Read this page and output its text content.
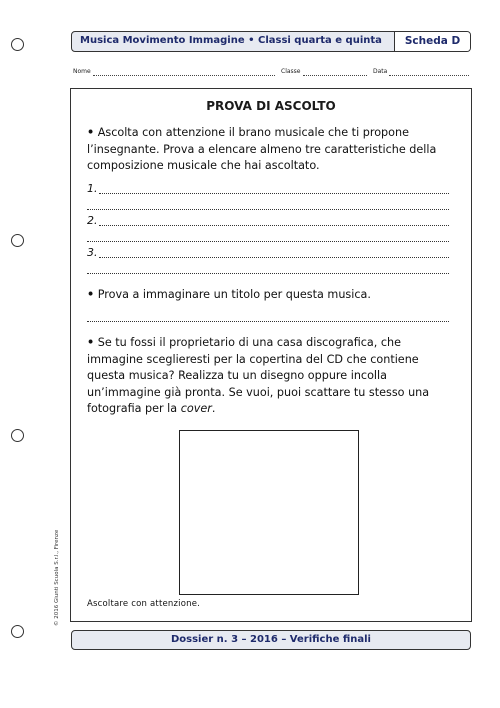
Musica Movimento Immagine • Classi quarta e quinta	Scheda D
Nome	Classe	Data
PROVA DI ASCOLTO
• Ascolta con attenzione il brano musicale che ti propone l’insegnante. Prova a elencare almeno tre caratteristiche della composizione musicale che hai ascoltato.
1.
2.
3.
• Prova a immaginare un titolo per questa musica.
• Se tu fossi il proprietario di una casa discografica, che immagine sceglieresti per la copertina del CD che contiene questa musica? Realizza tu un disegno oppure incolla un’immagine già pronta. Se vuoi, puoi scattare tu stesso una fotografia per la cover.
Ascoltare con attenzione.
Dossier n. 3 – 2016 – Verifiche finali
© 2016 Giunti Scuola S.r.l., Firenze
